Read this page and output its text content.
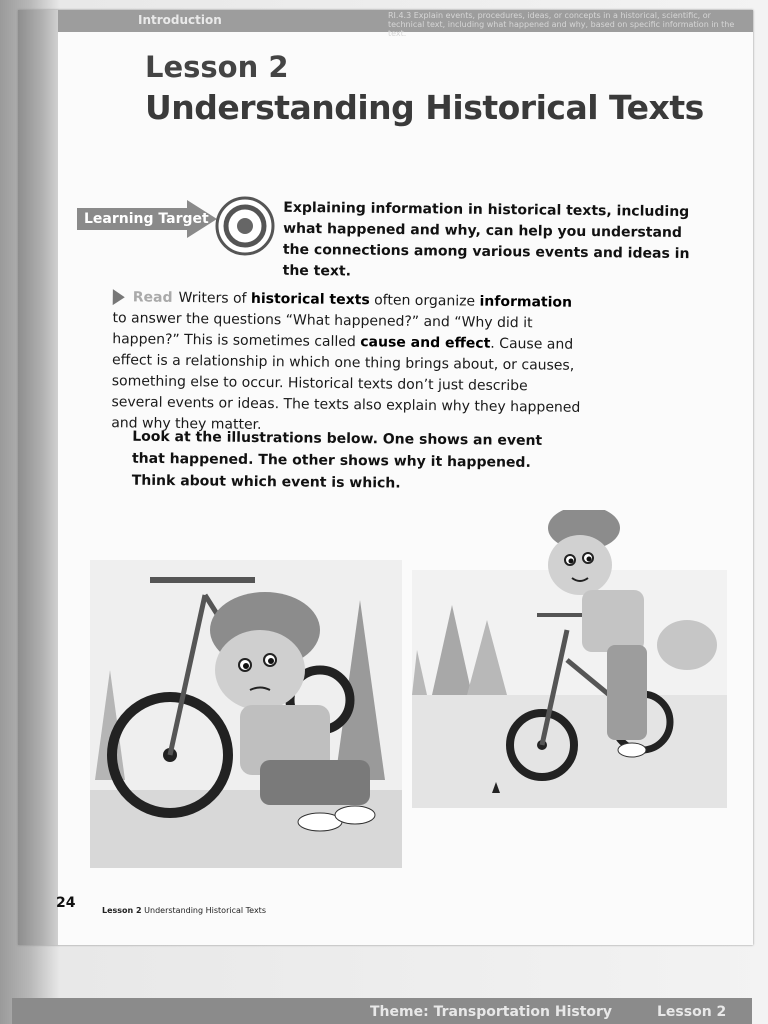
Introduction	RI.4.3 Explain events, procedures, ideas, or concepts in a historical, scientific, or technical text, including what happened and why, based on specific information in the text.
Lesson 2
Understanding Historical Texts
Learning Target	Explaining information in historical texts, including what happened and why, can help you understand the connections among various events and ideas in the text.
Read Writers of historical texts often organize information to answer the questions “What happened?” and “Why did it happen?” This is sometimes called cause and effect. Cause and effect is a relationship in which one thing brings about, or causes, something else to occur. Historical texts don’t just describe several events or ideas. The texts also explain why they happened and why they matter.
Look at the illustrations below. One shows an event that happened. The other shows why it happened. Think about which event is which.
24	Lesson 2 Understanding Historical Texts
Theme: Transportation History	Lesson 2
